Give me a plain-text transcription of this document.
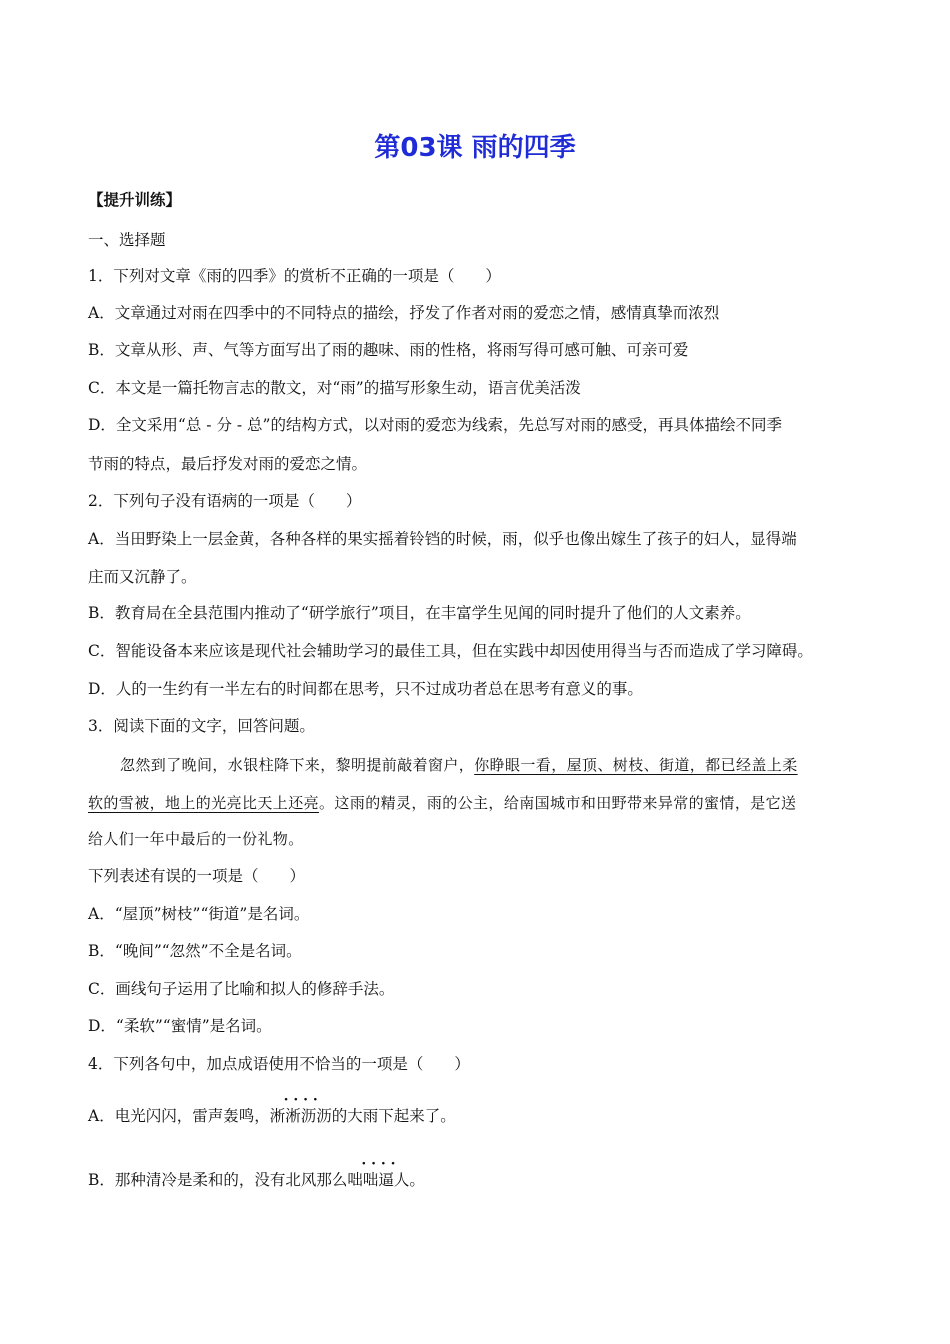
第03课 雨的四季
【提升训练】
一、选择题
1．下列对文章《雨的四季》的赏析不正确的一项是（　　）
A．文章通过对雨在四季中的不同特点的描绘，抒发了作者对雨的爱恋之情，感情真挚而浓烈
B．文章从形、声、气等方面写出了雨的趣味、雨的性格，将雨写得可感可触、可亲可爱
C．本文是一篇托物言志的散文，对“雨”的描写形象生动，语言优美活泼
D．全文采用“总 - 分 - 总”的结构方式，以对雨的爱恋为线索，先总写对雨的感受，再具体描绘不同季
节雨的特点，最后抒发对雨的爱恋之情。
2．下列句子没有语病的一项是（　　）
A．当田野染上一层金黄，各种各样的果实摇着铃铛的时候，雨，似乎也像出嫁生了孩子的妇人，显得端
庄而又沉静了。
B．教育局在全县范围内推动了“研学旅行”项目，在丰富学生见闻的同时提升了他们的人文素养。
C．智能设备本来应该是现代社会辅助学习的最佳工具，但在实践中却因使用得当与否而造成了学习障碍。
D．人的一生约有一半左右的时间都在思考，只不过成功者总在思考有意义的事。
3．阅读下面的文字，回答问题。
忽然到了晚间，水银柱降下来，黎明提前敲着窗户，你睁眼一看，屋顶、树枝、街道，都已经盖上柔
软的雪被，地上的光亮比天上还亮。这雨的精灵，雨的公主，给南国城市和田野带来异常的蜜情，是它送
给人们一年中最后的一份礼物。
下列表述有误的一项是（　　）
A．“屋顶”树枝”“街道”是名词。
B．“晚间”“忽然”不全是名词。
C．画线句子运用了比喻和拟人的修辞手法。
D．“柔软”“蜜情”是名词。
4．下列各句中，加点成语使用不恰当的一项是（　　）
A．电光闪闪，雷声轰鸣，
· · · ·
淅淅沥沥的大雨下起来了。
B．那种清冷是柔和的，没有北风那么
· · · ·
咄咄逼人。
